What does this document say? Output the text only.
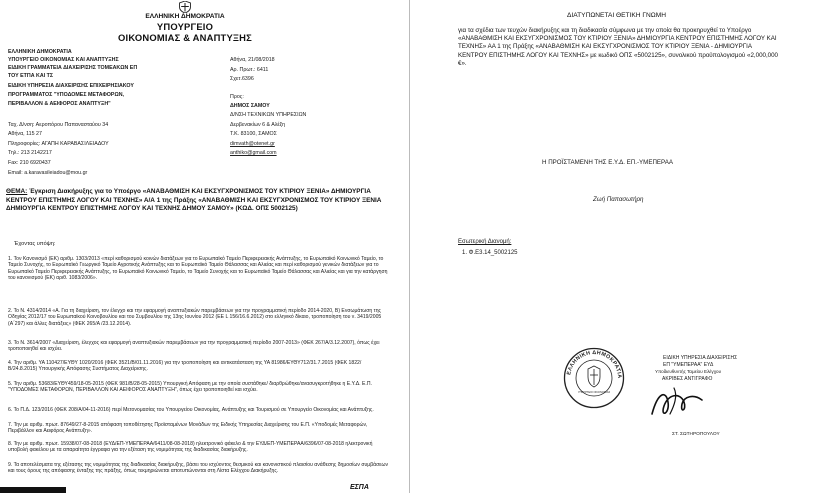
ΕΛΛΗΝΙΚΗ ΔΗΜΟΚΡΑΤΙΑ
ΥΠΟΥΡΓΕΙΟ
ΟΙΚΟΝΟΜΙΑΣ & ΑΝΑΠΤΥΞΗΣ
ΕΛΛΗΝΙΚΗ ΔΗΜΟΚΡΑΤΙΑ
ΥΠΟΥΡΓΕΙΟ ΟΙΚΟΝΟΜΙΑΣ ΚΑΙ ΑΝΑΠΤΥΞΗΣ
ΕΙΔΙΚΗ ΓΡΑΜΜΑΤΕΙΑ ΔΙΑΧΕΙΡΙΣΗΣ ΤΟΜΕΑΚΩΝ ΕΠ
ΤΟΥ ΕΤΠΑ ΚΑΙ ΤΣ
ΕΙΔΙΚΗ ΥΠΗΡΕΣΙΑ ΔΙΑΧΕΙΡΙΣΗΣ ΕΠΙΧΕΙΡΗΣΙΑΚΟΥ
ΠΡΟΓΡΑΜΜΑΤΟΣ "ΥΠΟΔΟΜΕΣ ΜΕΤΑΦΟΡΩΝ,
ΠΕΡΙΒΑΛΛΟΝ & ΑΕΙΦΟΡΟΣ ΑΝΑΠΤΥΞΗ"
Ταχ. Δ/νση: Αερoπόρου Παπανασταύου 34
Αθήνα, 115 27
Πληροφορίες: ΑΓΑΠΗ ΚΑΡΑΒΑΣΙΛΕΙΑΔΟΥ
Τηλ.: 213 2142217
Fax: 210 6920437
Email: a.karavasileiadou@mou.gr
Αθήνα, 21/08/2018
Αρ. Πρωτ.: 6411
Σχετ.6396
Προς:
ΔΗΜΟΣ ΣΑΜΟΥ
Δ/ΝΣΗ ΤΕΧΝΙΚΩΝ ΥΠΗΡΕΣΙΩΝ
Δερβενακίων 6 & Αλέξη
Τ.Κ. 83100, ΣΑΜΟΣ
dimvath@otenet.gr
anthiko@gmail.com
ΘΕΜΑ: Έγκριση Διακήρυξης για το Υποέργο «ΑΝΑΒΑΘΜΙΣΗ ΚΑΙ ΕΚΣΥΓΧΡΟΝΙΣΜΟΣ ΤΟΥ ΚΤΙΡΙΟΥ ΞΕΝΙΑ» ΔΗΜΙΟΥΡΓΙΑ ΚΕΝΤΡΟΥ ΕΠΙΣΤΗΜΗΣ ΛΟΓΟΥ ΚΑΙ ΤΕΧΝΗΣ» Α/Α 1 της Πράξης «ΑΝΑΒΑΘΜΙΣΗ ΚΑΙ ΕΚΣΥΓΧΡΟΝΙΣΜΟΣ ΤΟΥ ΚΤΙΡΙΟΥ ΞΕΝΙΑ ΔΗΜΙΟΥΡΓΙΑ ΚΕΝΤΡΟΥ ΕΠΙΣΤΗΜΗΣ ΛΟΓΟΥ ΚΑΙ ΤΕΧΝΗΣ ΔΗΜΟΥ ΣΑΜΟΥ» (ΚΩΔ. ΟΠΣ 5002125)
Έχοντας υπόψη:
1. Τον Κανονισμό (ΕΚ) αριθμ. 1303/2013 «περί καθορισμού κοινών διατάξεων για το Ευρωπαϊκό Ταμείο Περιφερειακής Ανάπτυξης, το Ευρωπαϊκό Κοινωνικό Ταμείο, το Ταμείο Συνοχής, το Ευρωπαϊκό Γεωργικό Ταμείο Αγροτικής Ανάπτυξης και το Ευρωπαϊκό Ταμείο Θάλασσας και Αλιείας και περί καθορισμού γενικών διατάξεων για το Ευρωπαϊκό Ταμείο Περιφερειακής Ανάπτυξης, το Ευρωπαϊκό Κοινωνικό Ταμείο, το Ταμείο Συνοχής και το Ευρωπαϊκό Ταμείο Θάλασσας και Αλιείας και για την κατάργηση του κανονισμού (ΕΚ) αριθ. 1083/2006».
2. Το Ν. 4314/2014 «Α. Για τη διαχείριση, τον έλεγχο και την εφαρμογή αναπτυξιακών παρεμβάσεων για την προγραμματική περίοδο 2014-2020, Β) Ενσωμάτωση της Οδηγίας 2012/17 του Ευρωπαϊκού Κοινοβουλίου και του Συμβουλίου της 13ης Ιουνίου 2012 (ΕΕ L 156/16.6.2012) στο ελληνικό δίκαιο, τροποποίηση του ν. 3419/2005 (Α΄297) και άλλες διατάξεις» (ΦΕΚ 265/Α /23.12.2014).
3. Το Ν. 3614/2007 «Διαχείριση, έλεγχος και εφαρμογή αναπτυξιακών παρεμβάσεων για την προγραμματική περίοδο 2007-2013» (ΦΕΚ 267/Α/3.12.2007), όπως έχει τροποποιηθεί και ισχύει.
4. Την αριθμ. ΥΑ 110427/ΕΥΘΥ 1020/2016 (ΦΕΚ 3521/Β/01.11.2016) για την τροποποίηση και αντικατάσταση της ΥΑ 81986/ΕΥΘΥ712/31.7.2015 (ΦΕΚ 1822/Β/24.8.2015) Υπουργικής Απόφασης Συστήματος Διαχείρισης.
5. Την αριθμ. 53683/ΕΥΘΥ459/18-05-2015 (ΦΕΚ 981/Β/28-05-2015) Υπουργική Απόφαση με την οποία συστάθηκε/ διαρθρώθηκε/ανασυγκροτήθηκε η Ε.Υ.Δ. Ε.Π. "ΥΠΟΔΟΜΕΣ ΜΕΤΑΦΟΡΩΝ, ΠΕΡΙΒΑΛΛΟΝ ΚΑΙ ΑΕΙΦΟΡΟΣ ΑΝΑΠΤΥΞΗ", όπως έχει τροποποιηθεί και ισχύει.
6. Το Π.Δ. 123/2016 (ΦΕΚ 208/Α/04-11-2016) περί Μετονομασίας του Υπουργείου Οικονομίας, Ανάπτυξης και Τουρισμού σε Υπουργείο Οικονομίας και Ανάπτυξης.
7. Την με αριθμ. πρωτ. 87649/27-8-2015 απόφαση τοποθέτησης Προϊσταμένων Μονάδων της Ειδικής Υπηρεσίας Διαχείρισης του Ε.Π. «Υποδομές Μεταφορών, Περιβάλλον και Αειφόρος Ανάπτυξη».
8. Την με αριθμ. πρωτ. 15938/07-08-2018 (ΕΥΔ/ΕΠ-ΥΜΕΠΕΡΑΑ/6411/08-08-2018) ηλεκτρονικό φάκελο & την ΕΥΔ/ΕΠ-ΥΜΕΠΕΡΑΑ/6396/07-08-2018 ηλεκτρονική υποβολή φακέλου με τα απαραίτητα έγγραφα για την εξέταση της νομιμότητας της διαδικασίας διακήρυξης.
9. Τα αποτελέσματα της εξέτασης της νομιμότητας της διαδικασίας διακήρυξης, βάσει του ισχύοντος θεσμικού και κανονιστικού πλαισίου ανάθεσης δημοσίων συμβάσεων και τους όρους της απόφασης ένταξης της πράξης, όπως τεκμηριώνεται αποτυπώνονται στη Λίστα Ελέγχου Διακήρυξης.
ΕΣΠΑ
ΔΙΑΤΥΠΩΝΕΤΑΙ ΘΕΤΙΚΗ ΓΝΩΜΗ
για τα σχέδια των τευχών διακήρυξης και τη διαδικασία σύμφωνα με την οποία θα προκηρυχθεί το Υποέργο «ΑΝΑΒΑΘΜΙΣΗ ΚΑΙ ΕΚΣΥΓΧΡΟΝΙΣΜΟΣ ΤΟΥ ΚΤΙΡΙΟΥ ΞΕΝΙΑ» ΔΗΜΙΟΥΡΓΙΑ ΚΕΝΤΡΟΥ ΕΠΙΣΤΗΜΗΣ ΛΟΓΟΥ ΚΑΙ ΤΕΧΝΗΣ» ΑΑ 1 της Πράξης «ΑΝΑΒΑΘΜΙΣΗ ΚΑΙ ΕΚΣΥΓΧΡΟΝΙΣΜΟΣ ΤΟΥ ΚΤΙΡΙΟΥ ΞΕΝΙΑ - ΔΗΜΙΟΥΡΓΙΑ ΚΕΝΤΡΟΥ ΕΠΙΣΤΗΜΗΣ ΛΟΓΟΥ ΚΑΙ ΤΕΧΝΗΣ» με κωδικό ΟΠΣ «5002125», συνολικού προϋπολογισμού «2,000,000 €».
Η ΠΡΟΪΣΤΑΜΕΝΗ ΤΗΣ Ε.Υ.Δ. ΕΠ.-ΥΜΕΠΕΡΑΑ
Ζωή Παπασωτήρη
Εσωτερική Διανομή:
1. Φ.Ε3.14_5002125
ΕΛΛΗΝΙΚΗ ΔΗΜΟΚΡΑΤΙΑ
ΥΠΟΥΡΓΕΙΟ ΟΙΚΟΝΟΜΙΑΣ
ΕΙΔΙΚΗ ΥΠΗΡΕΣΙΑ ΔΙΑΧΕΙΡΙΣΗΣ
ΕΠ "ΥΜΕΠΕΡΑΑ" ΕΥΔ
Υποδιευθυντής Ταμείου Ελέγχου
ΑΚΡΙΒΕΣ ΑΝΤΙΓΡΑΦΟ
ΣΤ. ΣΩΤΗΡΟΠΟΥΛΟΥ
